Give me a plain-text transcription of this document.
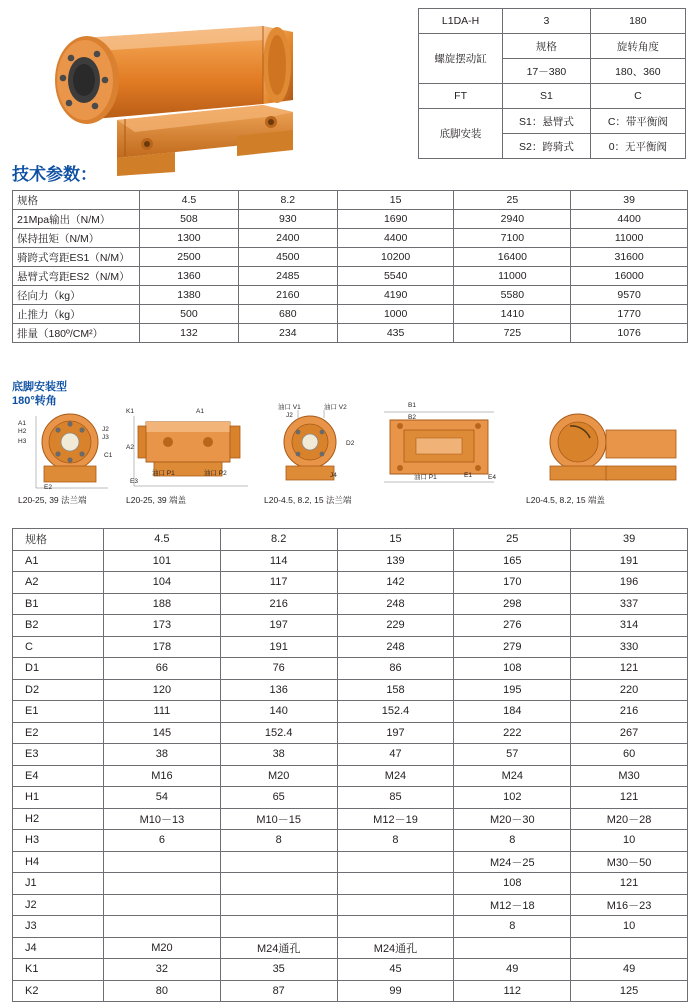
L1DA-H	3	180
螺旋摆动缸	规格	旋转角度
	17－380	180、360
FT	S1	C
底脚安装	S1：悬臂式	C：带平衡阀
	S2：跨骑式	0：无平衡阀
技术参数：
规格	4.5	8.2	15	25	39
21Mpa输出（N/M）	508	930	1690	2940	4400
保持扭矩（N/M）	1300	2400	4400	7100	11000
骑跨式弯距ES1（N/M）	2500	4500	10200	16400	31600
悬臂式弯距ES2（N/M）	1360	2485	5540	11000	16000
径向力（kg）	1380	2160	4190	5580	9570
止推力（kg）	500	680	1000	1410	1770
排量（180º/CM²）	132	234	435	725	1076
底脚安装型
180°转角
A1
H2
H3
J2
J3
C1
E2
L20-25, 39 法兰端
K1	A1
A2
E3
油口 P1	油口 P2
L20-25, 39 端盖
油口 V1	油口 V2
J2
J4
D2
L20-4.5, 8.2, 15 法兰端
B1
B2
油口 P1	E1 E4
L20-4.5, 8.2, 15 端盖
规格	4.5	8.2	15	25	39
A1	101	114	139	165	191
A2	104	117	142	170	196
B1	188	216	248	298	337
B2	173	197	229	276	314
C	178	191	248	279	330
D1	66	76	86	108	121
D2	120	136	158	195	220
E1	111	140	152.4	184	216
E2	145	152.4	197	222	267
E3	38	38	47	57	60
E4	M16	M20	M24	M24	M30
H1	54	65	85	102	121
H2	M10－13	M10－15	M12－19	M20－30	M20－28
H3	6	8	8	8	10
H4				M24－25	M30－50
J1				108	121
J2				M12－18	M16－23
J3				8	10
J4	M20	M24通孔	M24通孔		
K1	32	35	45	49	49
K2	80	87	99	112	125
